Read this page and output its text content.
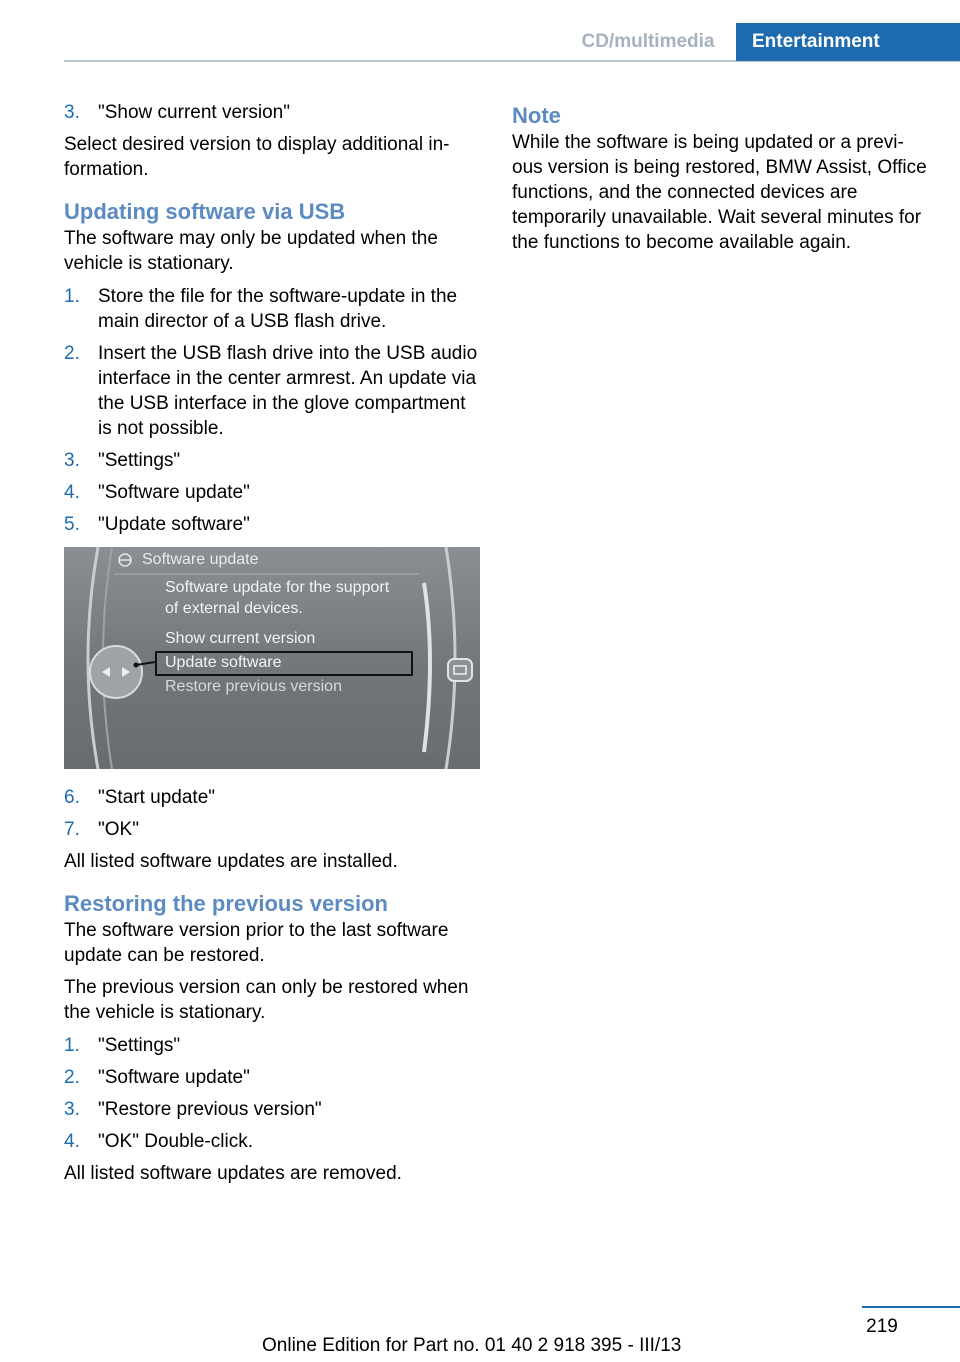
CD/multimedia	Entertainment
3. "Show current version"

Select desired version to display additional information.

Updating software via USB

The software may only be updated when the vehicle is stationary.

1. Store the file for the software-update in the main director of a USB flash drive.
2. Insert the USB flash drive into the USB audio interface in the center armrest. An update via the USB interface in the glove compartment is not possible.
3. "Settings"
4. "Software update"
5. "Update software"
Software update
Software update for the support
of external devices.
Show current version
Update software
Restore previous version
6. "Start update"
7. "OK"

All listed software updates are installed.

Restoring the previous version

The software version prior to the last software update can be restored.

The previous version can only be restored when the vehicle is stationary.

1. "Settings"
2. "Software update"
3. "Restore previous version"
4. "OK" Double-click.

All listed software updates are removed.

Note

While the software is being updated or a previous version is being restored, BMW Assist, Office functions, and the connected devices are temporarily unavailable. Wait several minutes for the functions to become available again.

219
Online Edition for Part no. 01 40 2 918 395 - III/13
